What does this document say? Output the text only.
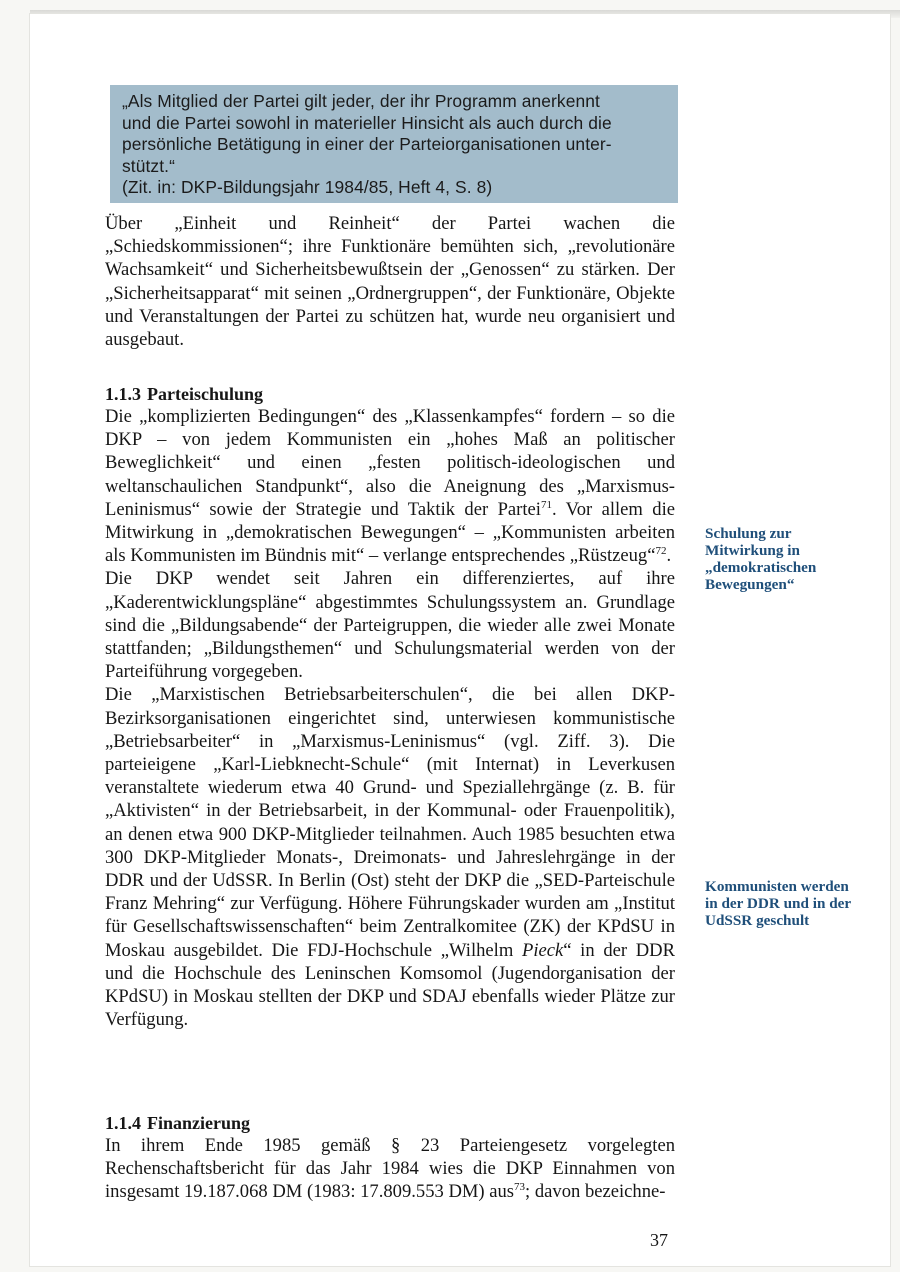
„Als Mitglied der Partei gilt jeder, der ihr Programm anerkennt
und die Partei sowohl in materieller Hinsicht als auch durch die
persönliche Betätigung in einer der Parteiorganisationen unter-
stützt.“
(Zit. in: DKP-Bildungsjahr 1984/85, Heft 4, S. 8)

Über „Einheit und Reinheit“ der Partei wachen die „Schiedskommissionen“; ihre Funktionäre bemühten sich, „revolutionäre Wachsamkeit“ und Sicherheitsbewußtsein der „Genossen“ zu stärken. Der „Sicherheitsapparat“ mit seinen „Ordnergruppen“, der Funktionäre, Objekte und Veranstaltungen der Partei zu schützen hat, wurde neu organisiert und ausgebaut.

1.1.3 Parteischulung

Die „komplizierten Bedingungen“ des „Klassenkampfes“ fordern – so die DKP – von jedem Kommunisten ein „hohes Maß an politischer Beweglichkeit“ und einen „festen politisch-ideologischen und weltanschaulichen Standpunkt“, also die Aneignung des „Marxismus-Leninismus“ sowie der Strategie und Taktik der Partei$^{71}$. Vor allem die Mitwirkung in „demokratischen Bewegungen“ – „Kommunisten arbeiten als Kommunisten im Bündnis mit“ – verlange entsprechendes „Rüstzeug“$^{72}$.

Die DKP wendet seit Jahren ein differenziertes, auf ihre „Kaderentwicklungspläne“ abgestimmtes Schulungssystem an. Grundlage sind die „Bildungsabende“ der Parteigruppen, die wieder alle zwei Monate stattfanden; „Bildungsthemen“ und Schulungsmaterial werden von der Parteiführung vorgegeben.

Die „Marxistischen Betriebsarbeiterschulen“, die bei allen DKP-Bezirksorganisationen eingerichtet sind, unterwiesen kommunistische „Betriebsarbeiter“ in „Marxismus-Leninismus“ (vgl. Ziff. 3). Die parteieigene „Karl-Liebknecht-Schule“ (mit Internat) in Leverkusen veranstaltete wiederum etwa 40 Grund- und Speziallehrgänge (z. B. für „Aktivisten“ in der Betriebsarbeit, in der Kommunal- oder Frauenpolitik), an denen etwa 900 DKP-Mitglieder teilnahmen. Auch 1985 besuchten etwa 300 DKP-Mitglieder Monats-, Dreimonats- und Jahreslehrgänge in der DDR und der UdSSR. In Berlin (Ost) steht der DKP die „SED-Parteischule Franz Mehring“ zur Verfügung. Höhere Führungskader wurden am „Institut für Gesellschaftswissenschaften“ beim Zentralkomitee (ZK) der KPdSU in Moskau ausgebildet. Die FDJ-Hochschule „Wilhelm Pieck“ in der DDR und die Hochschule des Leninschen Komsomol (Jugendorganisation der KPdSU) in Moskau stellten der DKP und SDAJ ebenfalls wieder Plätze zur Verfügung.

1.1.4 Finanzierung

In ihrem Ende 1985 gemäß § 23 Parteiengesetz vorgelegten Rechenschaftsbericht für das Jahr 1984 wies die DKP Einnahmen von insgesamt 19.187.068 DM (1983: 17.809.553 DM) aus$^{73}$; davon bezeichne-

Schulung zur Mitwirkung in „demokratischen Bewegungen“
Kommunisten werden in der DDR und in der UdSSR geschult
37
